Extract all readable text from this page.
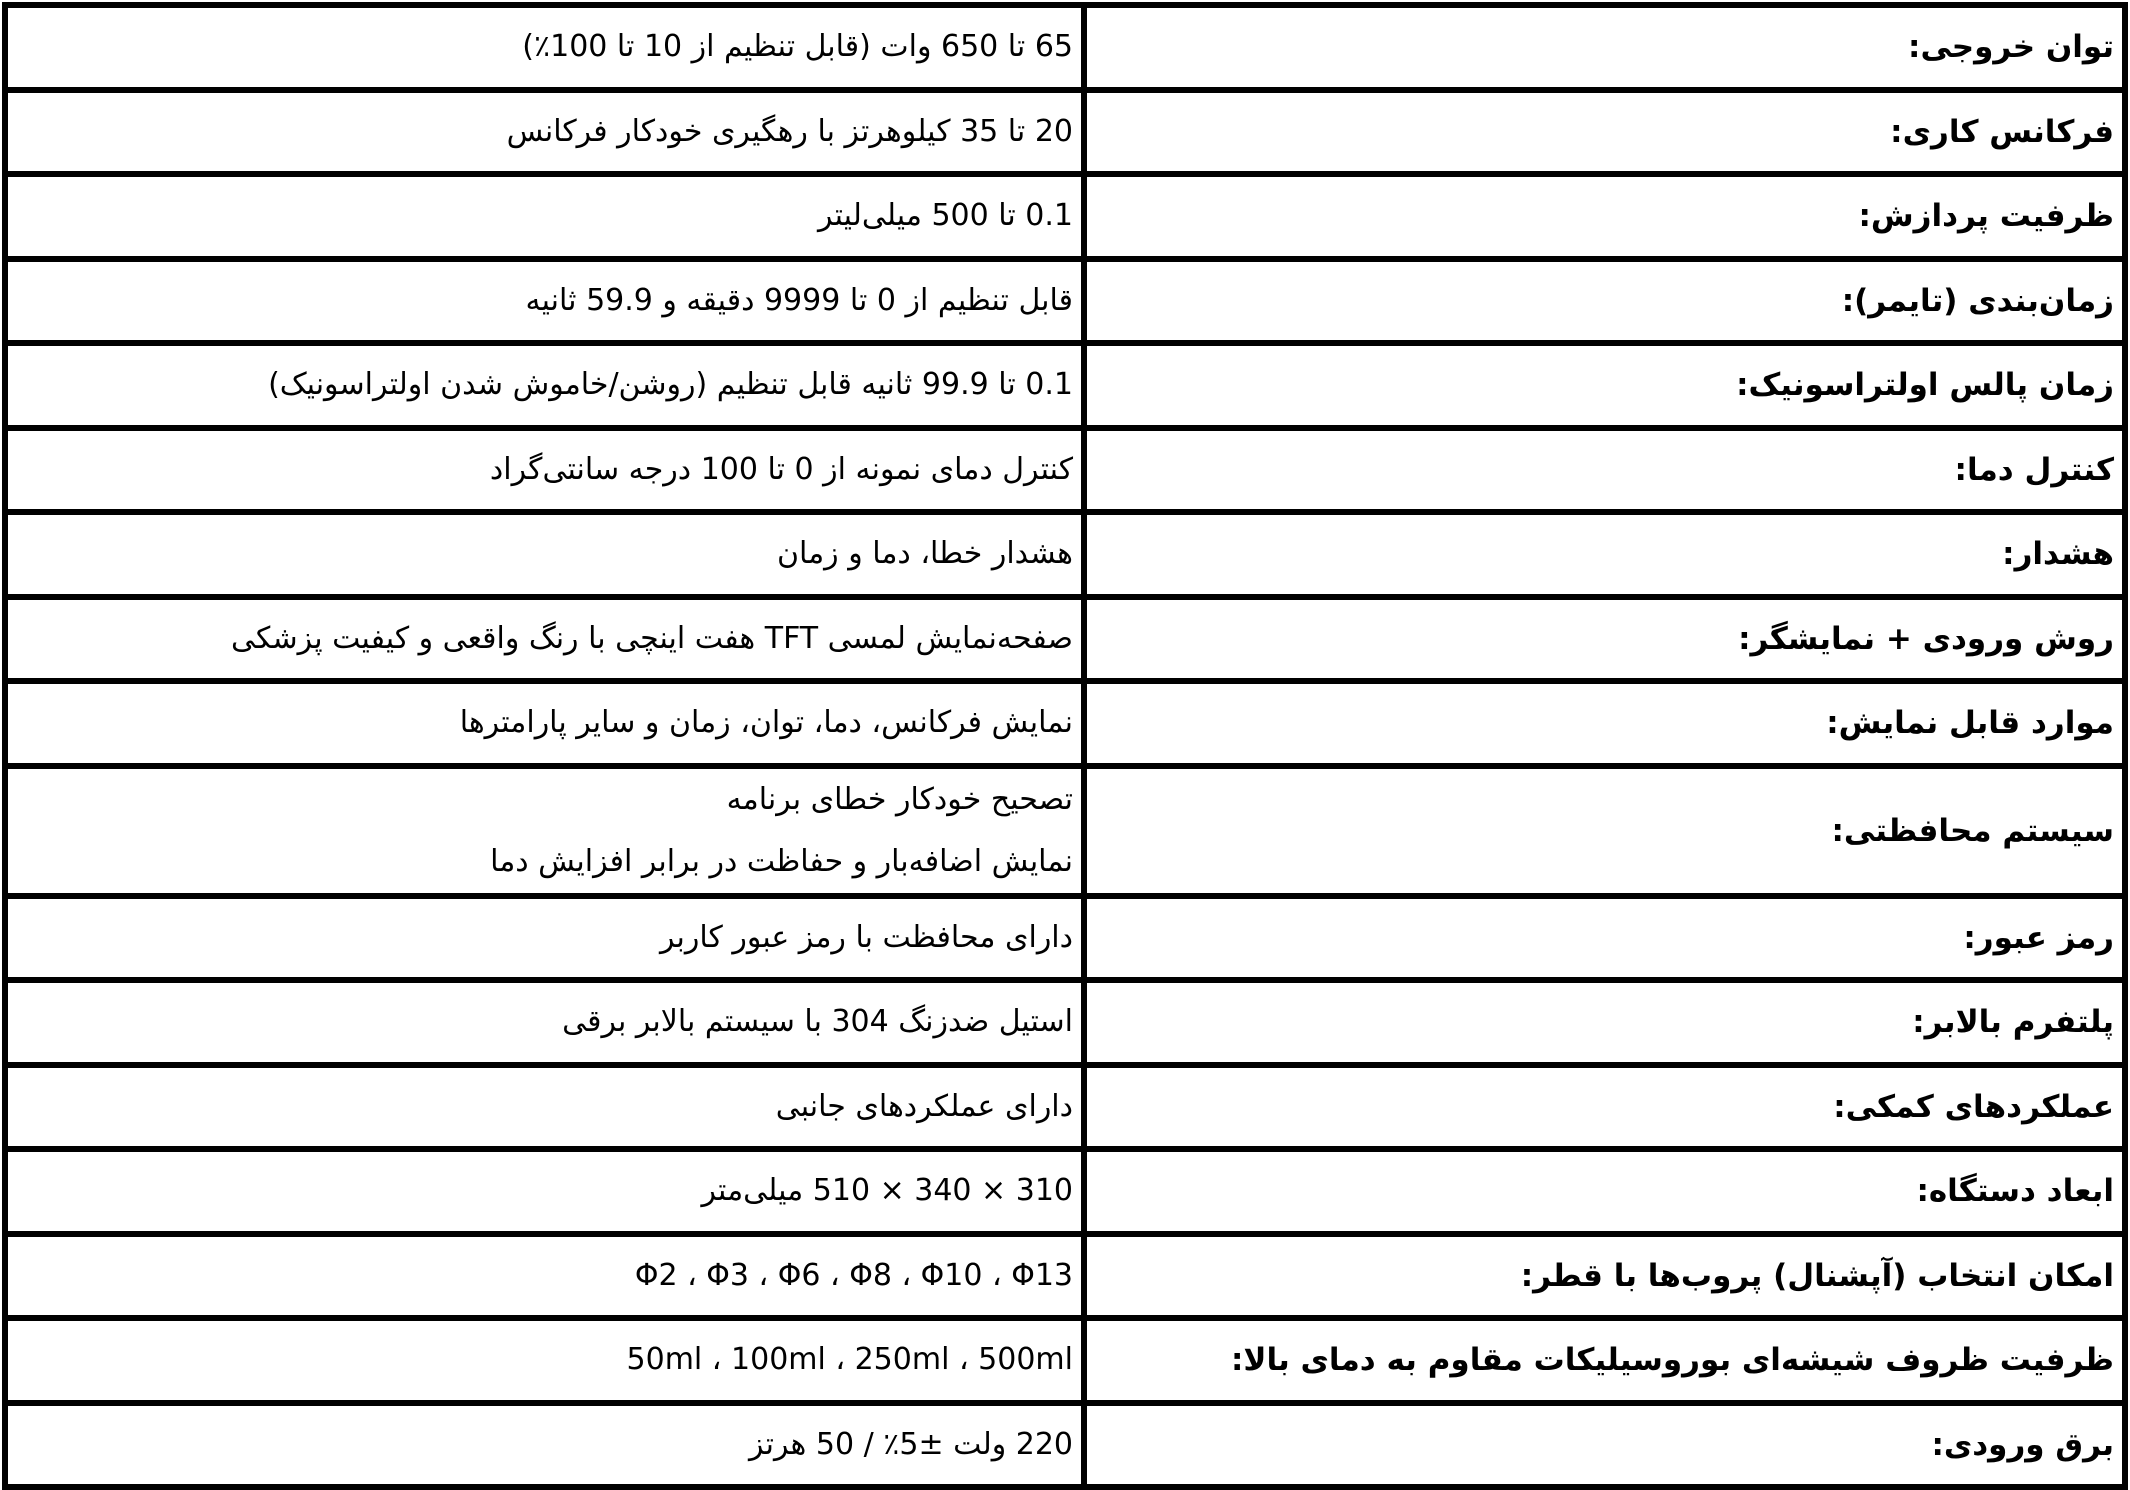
توان خروجی:	65 تا 650 وات (قابل تنظیم از 10 تا 100٪)

فرکانس کاری:	20 تا 35 کیلوهرتز با رهگیری خودکار فرکانس

ظرفیت پردازش:	0.1 تا 500 میلی‌لیتر

زمان‌بندی (تایمر):	قابل تنظیم از 0 تا 9999 دقیقه و 59.9 ثانیه

زمان پالس اولتراسونیک:	0.1 تا 99.9 ثانیه قابل تنظیم (روشن/خاموش شدن اولتراسونیک)

کنترل دما:	کنترل دمای نمونه از 0 تا 100 درجه سانتی‌گراد

هشدار:	هشدار خطا، دما و زمان

روش ورودی + نمایشگر:	صفحه‌نمایش لمسی TFT هفت اینچی با رنگ واقعی و کیفیت پزشکی

موارد قابل نمایش:	نمایش فرکانس، دما، توان، زمان و سایر پارامترها

سیستم محافظتی:	تصحیح خودکار خطای برنامه
نمایش اضافه‌بار و حفاظت در برابر افزایش دما

رمز عبور:	دارای محافظت با رمز عبور کاربر

پلتفرم بالابر:	استیل ضدزنگ 304 با سیستم بالابر برقی

عملکردهای کمکی:	دارای عملکردهای جانبی

ابعاد دستگاه:	310 × 340 × 510 میلی‌متر

امکان انتخاب (آپشنال) پروب‌ها با قطر:	Φ2 ، Φ3 ، Φ6 ، Φ8 ، Φ10 ، Φ13

ظرفیت ظروف شیشه‌ای بوروسیلیکات مقاوم به دمای بالا:	50ml ، 100ml ، 250ml ، 500ml

برق ورودی:	220 ولت ±5٪ / 50 هرتز
